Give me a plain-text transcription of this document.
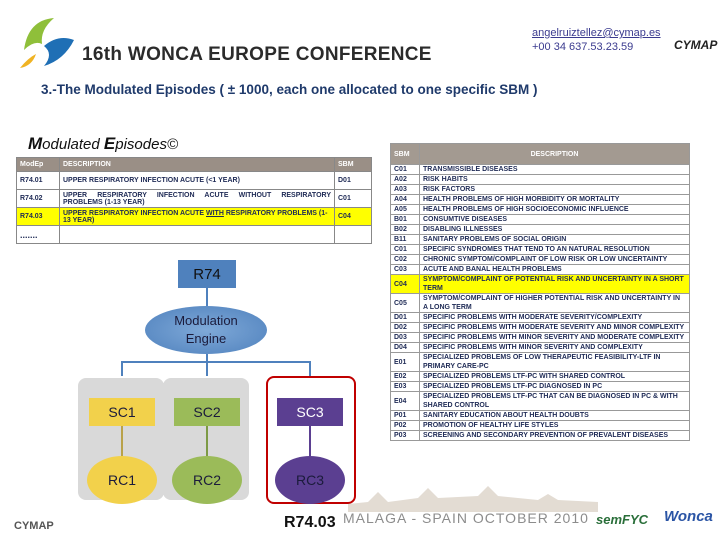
16th WONCA EUROPE CONFERENCE
angelruiztellez@cymap.es
+00 34 637.53.23.59	CYMAP
3.-The Modulated Episodes ( ± 1000, each one allocated to one specific SBM )
Modulated Episodes©
ModEp	DESCRIPTION	SBM
R74.01	UPPER RESPIRATORY INFECTION ACUTE (<1 YEAR)	D01
R74.02	UPPER RESPIRATORY INFECTION ACUTE WITHOUT RESPIRATORY PROBLEMS (1-13 YEAR)	C01
R74.03	UPPER RESPIRATORY INFECTION ACUTE WITH RESPIRATORY PROBLEMS (1-13 YEAR)	C04
.......		
SBM	DESCRIPTION
C01	TRANSMISSIBLE DISEASES
A02	RISK HABITS
A03	RISK FACTORS
A04	HEALTH PROBLEMS OF HIGH MORBIDITY OR MORTALITY
A05	HEALTH PROBLEMS OF HIGH SOCIOECONOMIC INFLUENCE
B01	CONSUMTIVE DISEASES
B02	DISABLING ILLNESSES
B11	SANITARY PROBLEMS OF SOCIAL ORIGIN
C01	SPECIFIC SYNDROMES THAT TEND TO AN NATURAL RESOLUTION
C02	CHRONIC SYMPTOM/COMPLAINT OF LOW RISK OR LOW UNCERTAINTY
C03	ACUTE AND BANAL HEALTH PROBLEMS
C04	SYMPTOM/COMPLAINT OF POTENTIAL RISK AND UNCERTAINTY IN A SHORT TERM
C05	SYMPTOM/COMPLAINT OF HIGHER POTENTIAL RISK AND UNCERTAINTY IN A LONG TERM
D01	SPECIFIC PROBLEMS WITH MODERATE SEVERITY/COMPLEXITY
D02	SPECIFIC PROBLEMS WITH MODERATE SEVERITY AND MINOR COMPLEXITY
D03	SPECIFIC PROBLEMS WITH MINOR SEVERITY AND MODERATE COMPLEXITY
D04	SPECIFIC PROBLEMS WITH MINOR SEVERITY AND COMPLEXITY
E01	SPECIALIZED PROBLEMS OF LOW THERAPEUTIC FEASIBILITY-LTF IN PRIMARY CARE-PC
E02	SPECIALIZED PROBLEMS LTF-PC WITH SHARED CONTROL
E03	SPECIALIZED PROBLEMS LTF-PC DIAGNOSED IN PC
E04	SPECIALIZED PROBLEMS LTF-PC THAT CAN BE DIAGNOSED IN PC & WITH SHARED CONTROL
P01	SANITARY EDUCATION ABOUT HEALTH DOUBTS
P02	PROMOTION OF HEALTHY LIFE STYLES
P03	SCREENING AND SECONDARY PREVENTION OF PREVALENT DISEASES
R74
Modulation
Engine
SC1	SC2	SC3
RC1	RC2	RC3
R74.03 MALAGA - SPAIN OCTOBER 2010
CYMAP	semFYC Wonca
